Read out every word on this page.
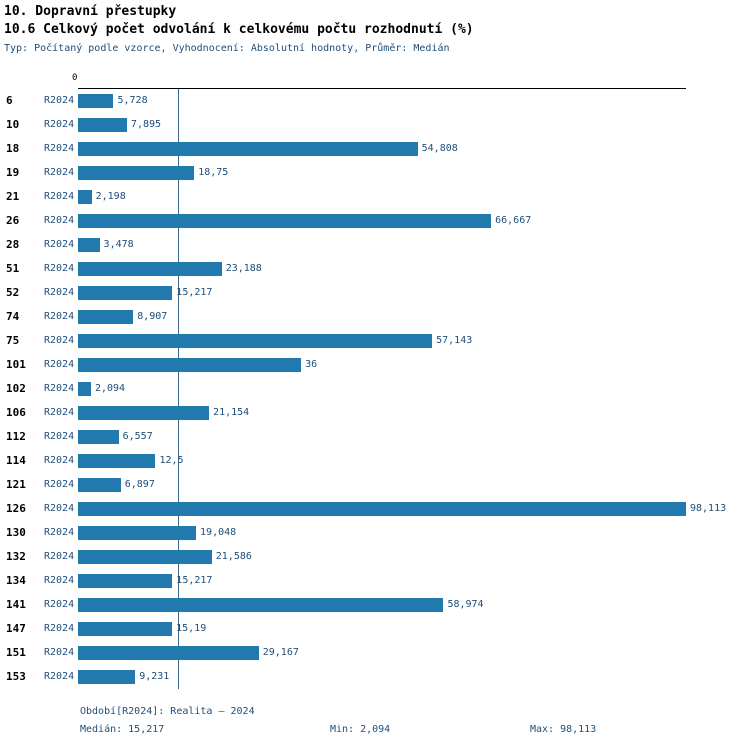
10. Dopravní přestupky
10.6 Celkový počet odvolání k celkovému počtu rozhodnutí (%)
Typ: Počítaný podle vzorce, Vyhodnocení: Absolutní hodnoty, Průměr: Medián
0
6	R2024	5,728
10 R2024	7,895
18 R2024	54,808
19 R2024	18,75
21 R2024 2,198
26 R2024	66,667
28 R2024	3,478
51 R2024	23,188
52 R2024	15,217
74 R2024	8,907
75 R2024	57,143
101 R2024	36
102 R2024 2,094
106 R2024	21,154
112 R2024	6,557
114 R2024	12,5
121 R2024	6,897
126 R2024	98,113
130 R2024	19,048
132 R2024	21,586
134 R2024	15,217
141 R2024	58,974
147 R2024	15,19
151 R2024	29,167
153 R2024	9,231
Období[R2024]: Realita – 2024
Medián: 15,217	Min: 2,094	Max: 98,113
